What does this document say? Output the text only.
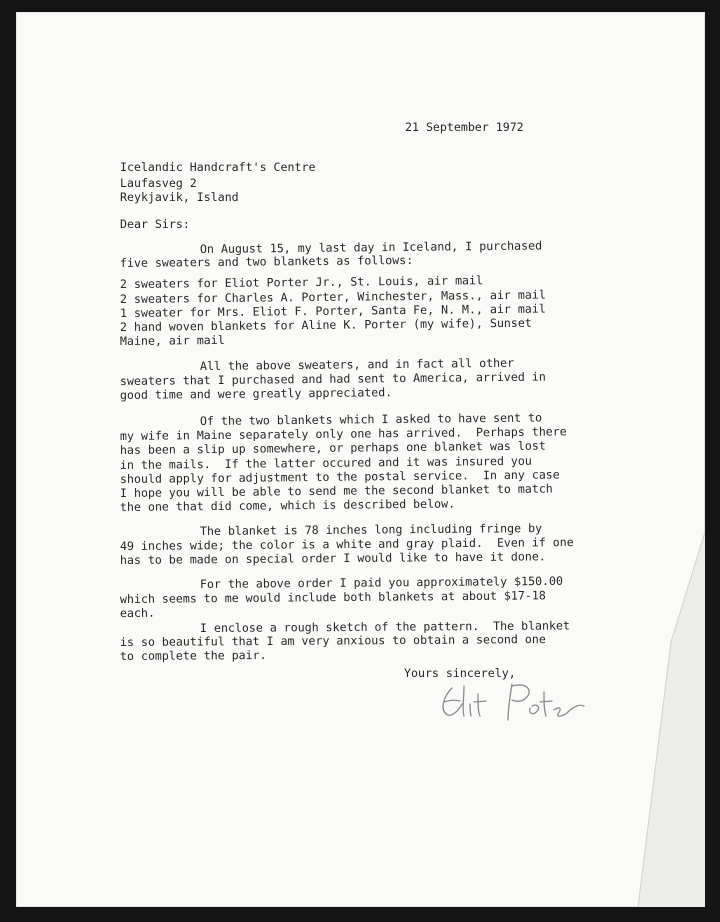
21 September 1972
Icelandic Handcraft's Centre
Laufasveg 2
Reykjavik, Island
Dear Sirs:
On August 15, my last day in Iceland, I purchased
five sweaters and two blankets as follows:
2 sweaters for Eliot Porter Jr., St. Louis, air mail
2 sweaters for Charles A. Porter, Winchester, Mass., air mail
1 sweater for Mrs. Eliot F. Porter, Santa Fe, N. M., air mail
2 hand woven blankets for Aline K. Porter (my wife), Sunset
Maine, air mail
All the above sweaters, and in fact all other
sweaters that I purchased and had sent to America, arrived in
good time and were greatly appreciated.
Of the two blankets which I asked to have sent to
my wife in Maine separately only one has arrived.  Perhaps there
has been a slip up somewhere, or perhaps one blanket was lost
in the mails.  If the latter occured and it was insured you
should apply for adjustment to the postal service.  In any case
I hope you will be able to send me the second blanket to match
the one that did come, which is described below.
The blanket is 78 inches long including fringe by
49 inches wide; the color is a white and gray plaid.  Even if one
has to be made on special order I would like to have it done.
For the above order I paid you approximately $150.00
which seems to me would include both blankets at about $17-18
each.
I enclose a rough sketch of the pattern.  The blanket
is so beautiful that I am very anxious to obtain a second one
to complete the pair.
Yours sincerely,
